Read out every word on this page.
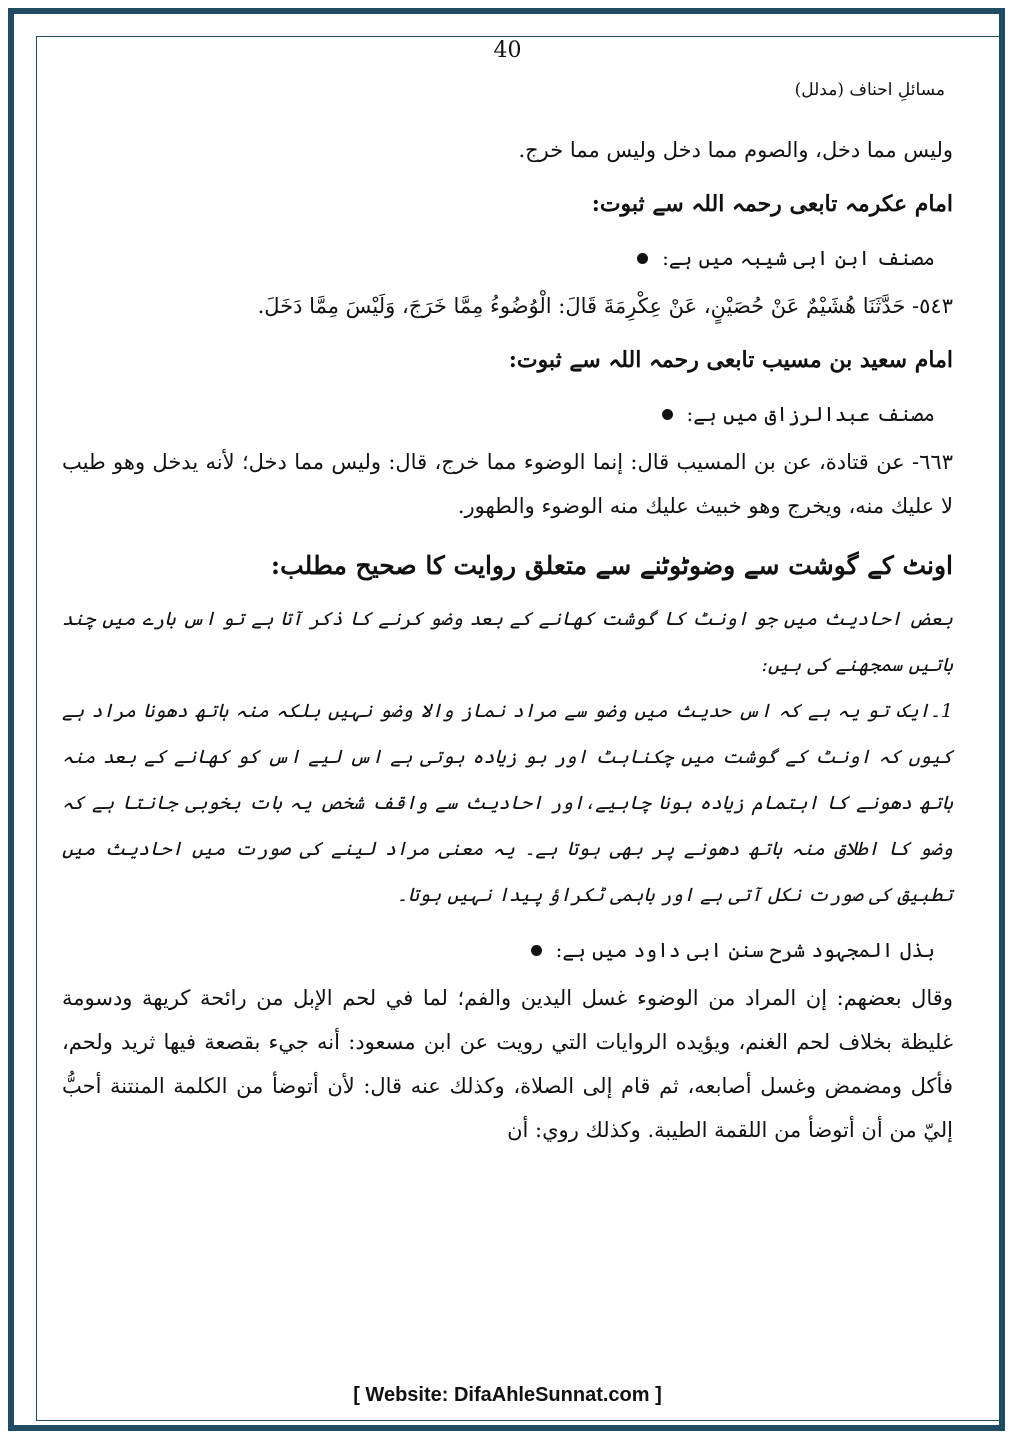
40
مسائلِ احناف (مدلل)

وليس مما دخل، والصوم مما دخل وليس مما خرج.

امام عکرمہ تابعی رحمہ اللہ سے ثبوت:
مصنف ابن ابی شیبہ میں ہے:

٥٤٣- حَدَّثَنَا هُشَيْمٌ عَنْ حُصَيْنٍ، عَنْ عِكْرِمَةَ قَالَ: الْوُضُوءُ مِمَّا خَرَجَ، وَلَيْسَ مِمَّا دَخَلَ.

امام سعید بن مسیب تابعی رحمہ اللہ سے ثبوت:
مصنف عبدالرزاق میں ہے:

٦٦٣- عن قتادة، عن بن المسيب قال: إنما الوضوء مما خرج، قال: وليس مما دخل؛ لأنه يدخل وهو طيب لا عليك منه، ويخرج وهو خبيث عليك منه الوضوء والطهور.

اونٹ کے گوشت سے وضوٹوٹنے سے متعلق روایت کا صحیح مطلب:

بعض احادیث میں جو اونٹ کا گوشت کھانے کے بعد وضو کرنے کا ذکر آتا ہے تو اس بارے میں چند باتیں سمجھنے کی ہیں:

1۔ایک تو یہ ہے کہ اس حدیث میں وضو سے مراد نماز والا وضو نہیں بلکہ منہ ہاتھ دھونا مراد ہے کیوں کہ اونٹ کے گوشت میں چکناہٹ اور بو زیادہ ہوتی ہے اس لیے اس کو کھانے کے بعد منہ ہاتھ دھونے کا اہتمام زیادہ ہونا چاہیے،اور احادیث سے واقف شخص یہ بات بخوبی جانتا ہے کہ وضو کا اطلاق منہ ہاتھ دھونے پر بھی ہوتا ہے۔ یہ معنی مراد لینے کی صورت میں احادیث میں تطبیق کی صورت نکل آتی ہے اور باہمی ٹکراؤ پیدا نہیں ہوتا۔

بذل المجہود شرح سنن ابی داود میں ہے:

وقال بعضهم: إن المراد من الوضوء غسل اليدين والفم؛ لما في لحم الإبل من رائحة كريهة ودسومة غليظة بخلاف لحم الغنم، ويؤيده الروايات التي رويت عن ابن مسعود: أنه جيء بقصعة فيها ثريد ولحم، فأكل ومضمض وغسل أصابعه، ثم قام إلى الصلاة، وكذلك عنه قال: لأن أتوضأ من الكلمة المنتنة أحبُّ إليّ من أن أتوضأ من اللقمة الطيبة. وكذلك روي: أن

[ Website: DifaAhleSunnat.com ]
